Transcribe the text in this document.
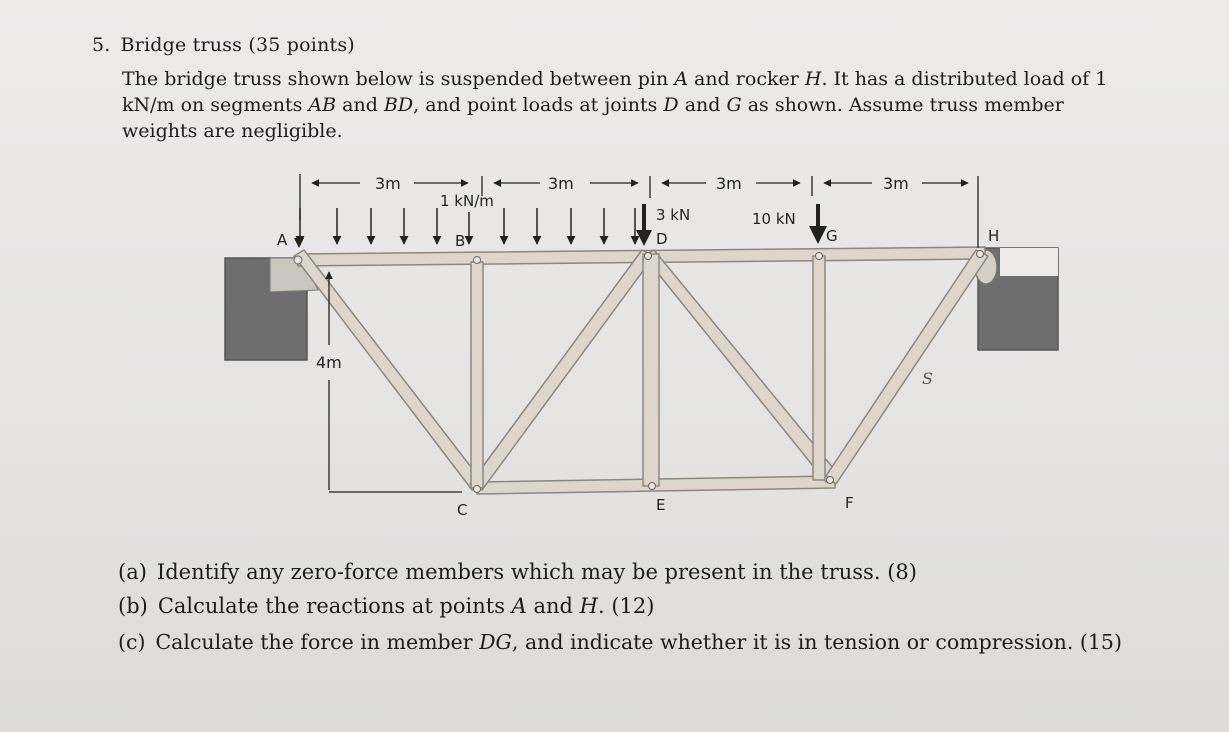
5. Bridge truss (35 points)
The bridge truss shown below is suspended between pin A and rocker H. It has a distributed load of 1 kN/m on segments AB and BD, and point loads at joints D and G as shown. Assume truss member weights are negligible.
3m	3m	3m	3m
4m
1 kN/m
3 kN	10 kN
A	B	D	G	H
C	E	F
S
(a) Identify any zero-force members which may be present in the truss. (8)
(b) Calculate the reactions at points A and H. (12)
(c) Calculate the force in member DG, and indicate whether it is in tension or compression. (15)
